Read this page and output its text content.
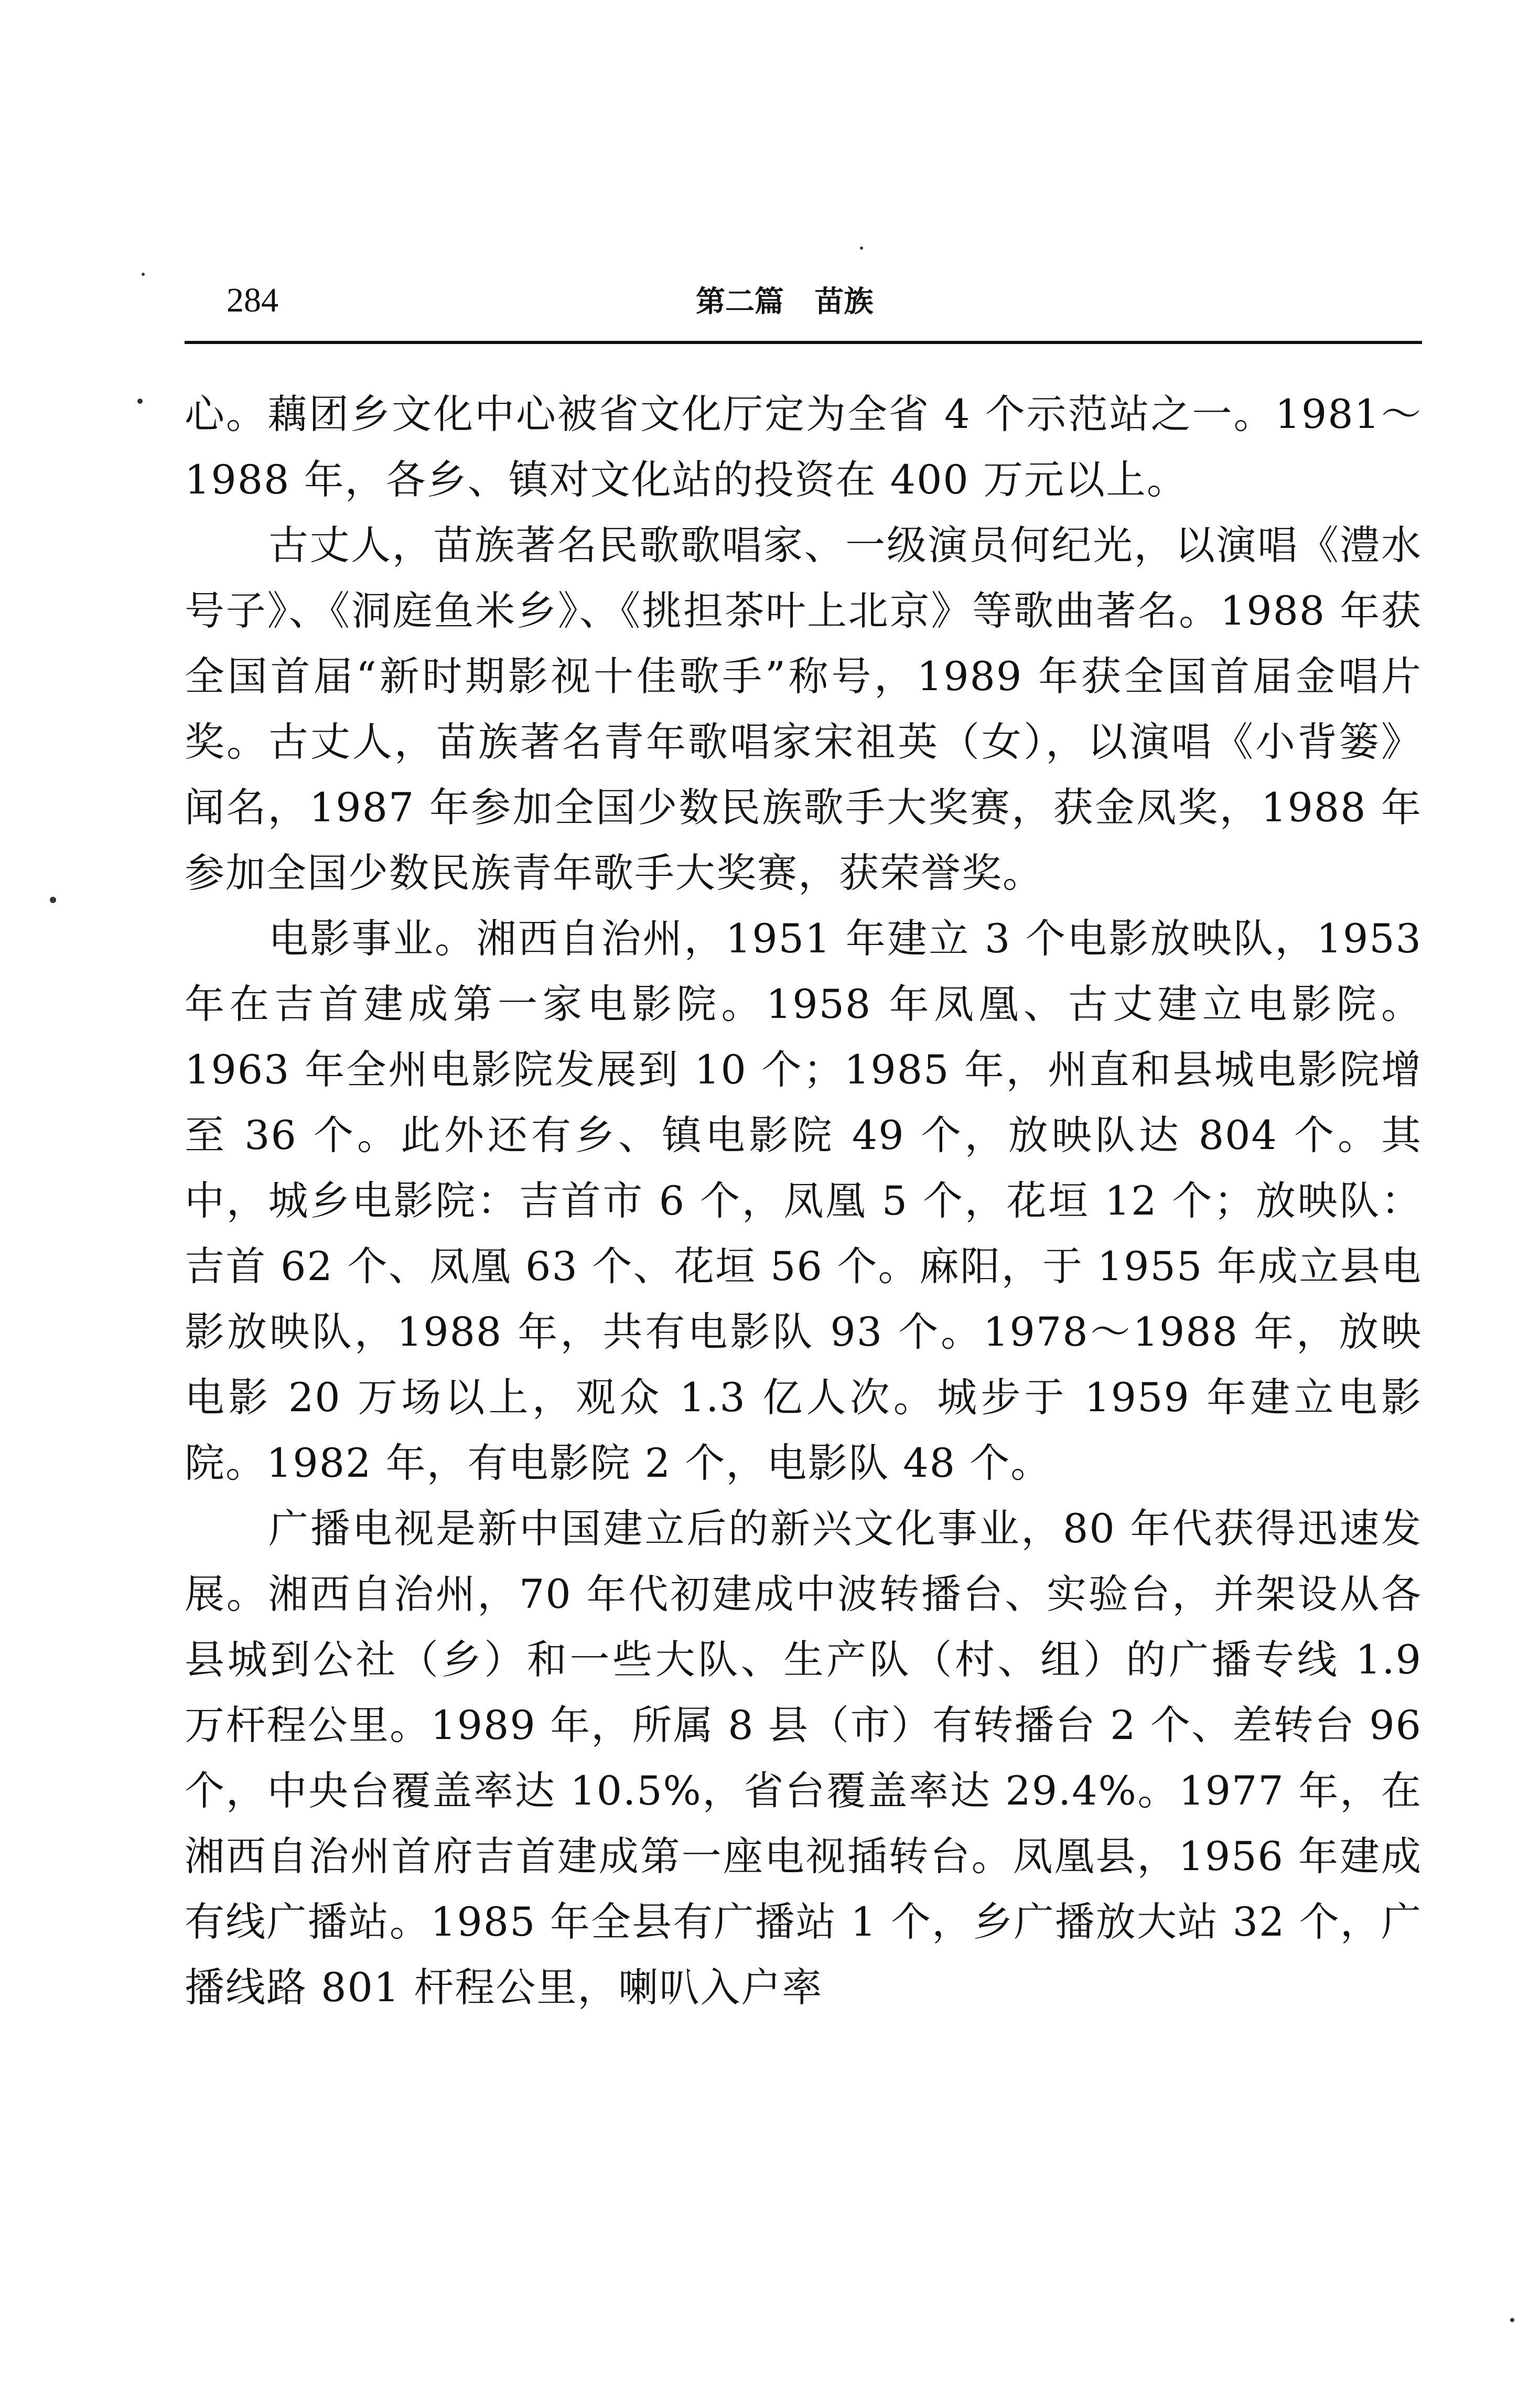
284	第二篇   苗族

心。藕团乡文化中心被省文化厅定为全省 4 个示范站之一。1981～1988 年，各乡、镇对文化站的投资在 400 万元以上。

古丈人，苗族著名民歌歌唱家、一级演员何纪光，以演唱《澧水号子》、《洞庭鱼米乡》、《挑担茶叶上北京》等歌曲著名。1988 年获全国首届“新时期影视十佳歌手”称号，1989 年获全国首届金唱片奖。古丈人，苗族著名青年歌唱家宋祖英（女），以演唱《小背篓》闻名，1987 年参加全国少数民族歌手大奖赛，获金凤奖，1988 年参加全国少数民族青年歌手大奖赛，获荣誉奖。

电影事业。湘西自治州，1951 年建立 3 个电影放映队，1953 年在吉首建成第一家电影院。1958 年凤凰、古丈建立电影院。1963 年全州电影院发展到 10 个；1985 年，州直和县城电影院增至 36 个。此外还有乡、镇电影院 49 个，放映队达 804 个。其中，城乡电影院：吉首市 6 个，凤凰 5 个，花垣 12 个；放映队：吉首 62 个、凤凰 63 个、花垣 56 个。麻阳，于 1955 年成立县电影放映队，1988 年，共有电影队 93 个。1978～1988 年，放映电影 20 万场以上，观众 1.3 亿人次。城步于 1959 年建立电影院。1982 年，有电影院 2 个，电影队 48 个。

广播电视是新中国建立后的新兴文化事业，80 年代获得迅速发展。湘西自治州，70 年代初建成中波转播台、实验台，并架设从各县城到公社（乡）和一些大队、生产队（村、组）的广播专线 1.9 万杆程公里。1989 年，所属 8 县（市）有转播台 2 个、差转台 96 个，中央台覆盖率达 10.5%，省台覆盖率达 29.4%。1977 年，在湘西自治州首府吉首建成第一座电视插转台。凤凰县，1956 年建成有线广播站。1985 年全县有广播站 1 个，乡广播放大站 32 个，广播线路 801 杆程公里，喇叭入户率
